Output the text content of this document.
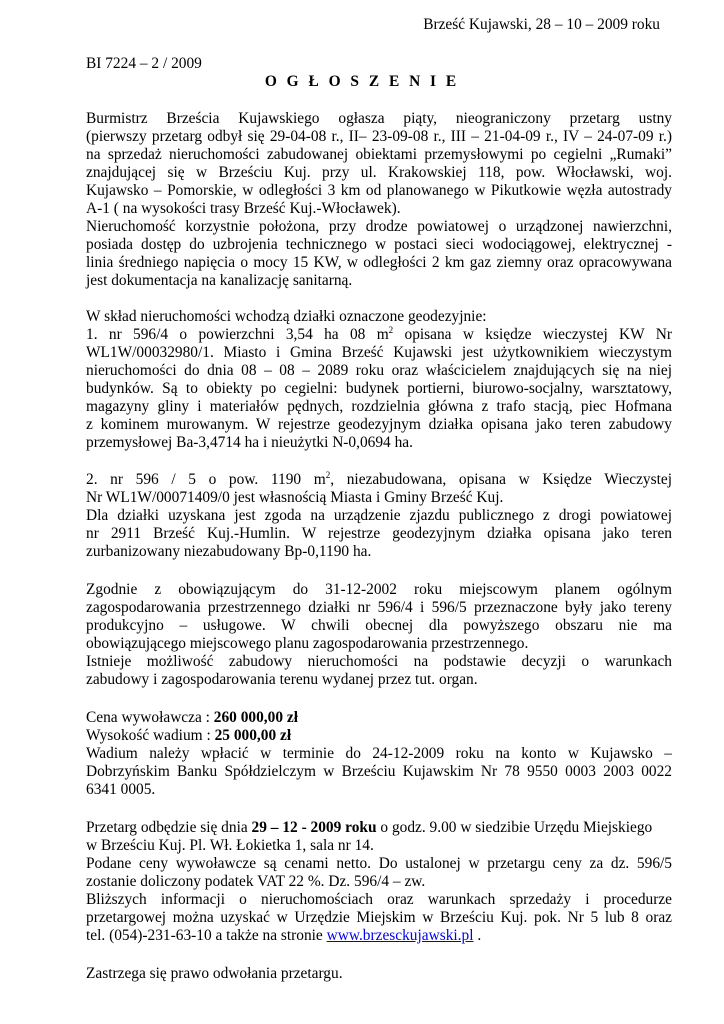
Brześć Kujawski, 28 – 10 – 2009 roku
BI 7224 – 2 / 2009
O G Ł O S Z E N I E
Burmistrz Brześcia Kujawskiego ogłasza piąty, nieograniczony przetarg ustny
(pierwszy przetarg odbył się 29-04-08 r., II– 23-09-08 r., III – 21-04-09 r., IV – 24-07-09 r.)
na sprzedaż nieruchomości zabudowanej obiektami przemysłowymi po cegielni „Rumaki”
znajdującej się w Brześciu Kuj. przy ul. Krakowskiej 118, pow. Włocławski, woj.
Kujawsko – Pomorskie, w odległości 3 km od planowanego w Pikutkowie węzła autostrady
A-1 ( na wysokości trasy Brześć Kuj.-Włocławek).
Nieruchomość korzystnie położona, przy drodze powiatowej o urządzonej nawierzchni,
posiada dostęp do uzbrojenia technicznego w postaci sieci wodociągowej, elektrycznej -
linia średniego napięcia o mocy 15 KW, w odległości 2 km gaz ziemny oraz opracowywana
jest dokumentacja na kanalizację sanitarną.
W skład nieruchomości wchodzą działki oznaczone geodezyjnie:
1. nr 596/4 o powierzchni 3,54 ha 08 $m^2$ opisana w księdze wieczystej KW Nr
WL1W/00032980/1. Miasto i Gmina Brześć Kujawski jest użytkownikiem wieczystym
nieruchomości do dnia 08 – 08 – 2089 roku oraz właścicielem znajdujących się na niej
budynków. Są to obiekty po cegielni: budynek portierni, biurowo-socjalny, warsztatowy,
magazyny gliny i materiałów pędnych, rozdzielnia główna z trafo stacją, piec Hofmana
z kominem murowanym. W rejestrze geodezyjnym działka opisana jako teren zabudowy
przemysłowej Ba-3,4714 ha i nieużytki N-0,0694 ha.
2. nr 596 / 5 o pow. 1190 $m^2$, niezabudowana, opisana w Księdze Wieczystej
Nr WL1W/00071409/0 jest własnością Miasta i Gminy Brześć Kuj.
Dla działki uzyskana jest zgoda na urządzenie zjazdu publicznego z drogi powiatowej
nr 2911 Brześć Kuj.-Humlin. W rejestrze geodezyjnym działka opisana jako teren
zurbanizowany niezabudowany Bp-0,1190 ha.
Zgodnie z obowiązującym do 31-12-2002 roku miejscowym planem ogólnym
zagospodarowania przestrzennego działki nr 596/4 i 596/5 przeznaczone były jako tereny
produkcyjno – usługowe. W chwili obecnej dla powyższego obszaru nie ma
obowiązującego miejscowego planu zagospodarowania przestrzennego.
Istnieje możliwość zabudowy nieruchomości na podstawie decyzji o warunkach
zabudowy i zagospodarowania terenu wydanej przez tut. organ.
Cena wywoławcza : 260 000,00 zł
Wysokość wadium : 25 000,00 zł
Wadium należy wpłacić w terminie do 24-12-2009 roku na konto w Kujawsko –
Dobrzyńskim Banku Spółdzielczym w Brześciu Kujawskim Nr 78 9550 0003 2003 0022
6341 0005.
Przetarg odbędzie się dnia 29 – 12 - 2009 roku o godz. 9.00 w siedzibie Urzędu Miejskiego
w Brześciu Kuj. Pl. Wł. Łokietka 1, sala nr 14.
Podane ceny wywoławcze są cenami netto. Do ustalonej w przetargu ceny za dz. 596/5
zostanie doliczony podatek VAT 22 %. Dz. 596/4 – zw.
Bliższych informacji o nieruchomościach oraz warunkach sprzedaży i procedurze
przetargowej można uzyskać w Urzędzie Miejskim w Brześciu Kuj. pok. Nr 5 lub 8 oraz
tel. (054)-231-63-10 a także na stronie www.brzesckujawski.pl .
Zastrzega się prawo odwołania przetargu.
